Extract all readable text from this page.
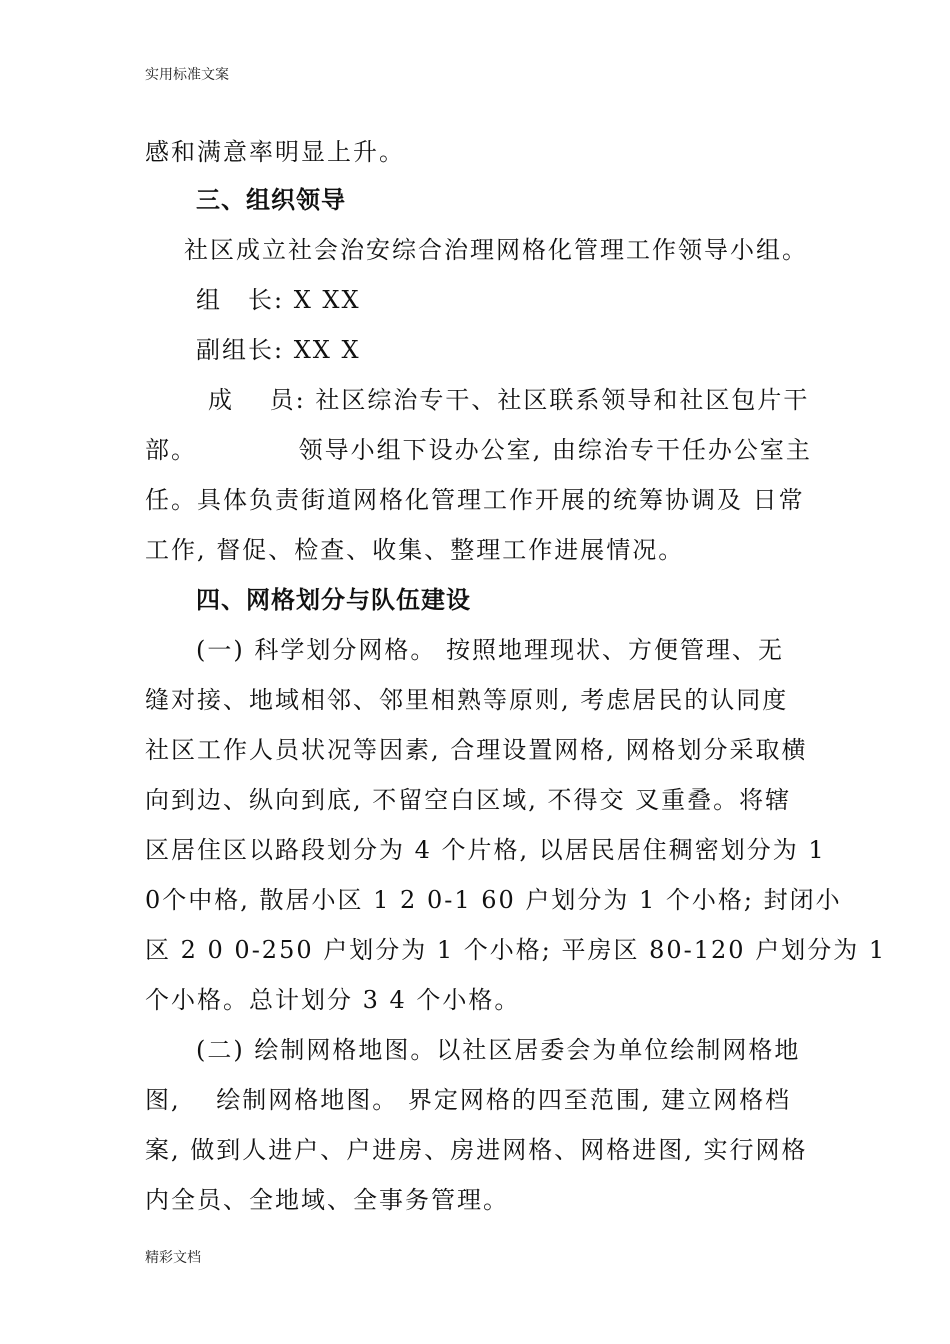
实用标准文案
感和满意率明显上升。
三、组织领导
社区成立社会治安综合治理网格化管理工作领导小组。
组　长: X XX
副组长: XX X
成　 员: 社区综治专干、社区联系领导和社区包片干
部。　　　　 领导小组下设办公室, 由综治专干任办公室主
任。具体负责街道网格化管理工作开展的统筹协调及 日常
工作, 督促、检查、收集、整理工作进展情况。
四、网格划分与队伍建设
(一) 科学划分网格。 按照地理现状、方便管理、无
缝对接、地域相邻、邻里相熟等原则, 考虑居民的认同度
社区工作人员状况等因素, 合理设置网格, 网格划分采取横
向到边、纵向到底, 不留空白区域, 不得交 叉重叠。将辖
区居住区以路段划分为 4 个片格, 以居民居住稠密划分为 1
0个中格, 散居小区 1 2 0-1 60 户划分为 1 个小格; 封闭小
区 2 0 0-250 户划分为 1 个小格; 平房区 80-120 户划分为 1
个小格。总计划分 3 4 个小格。
(二) 绘制网格地图。以社区居委会为单位绘制网格地
图, 　绘制网格地图。 界定网格的四至范围, 建立网格档
案, 做到人进户、户进房、房进网格、网格进图, 实行网格
内全员、全地域、全事务管理。
精彩文档
